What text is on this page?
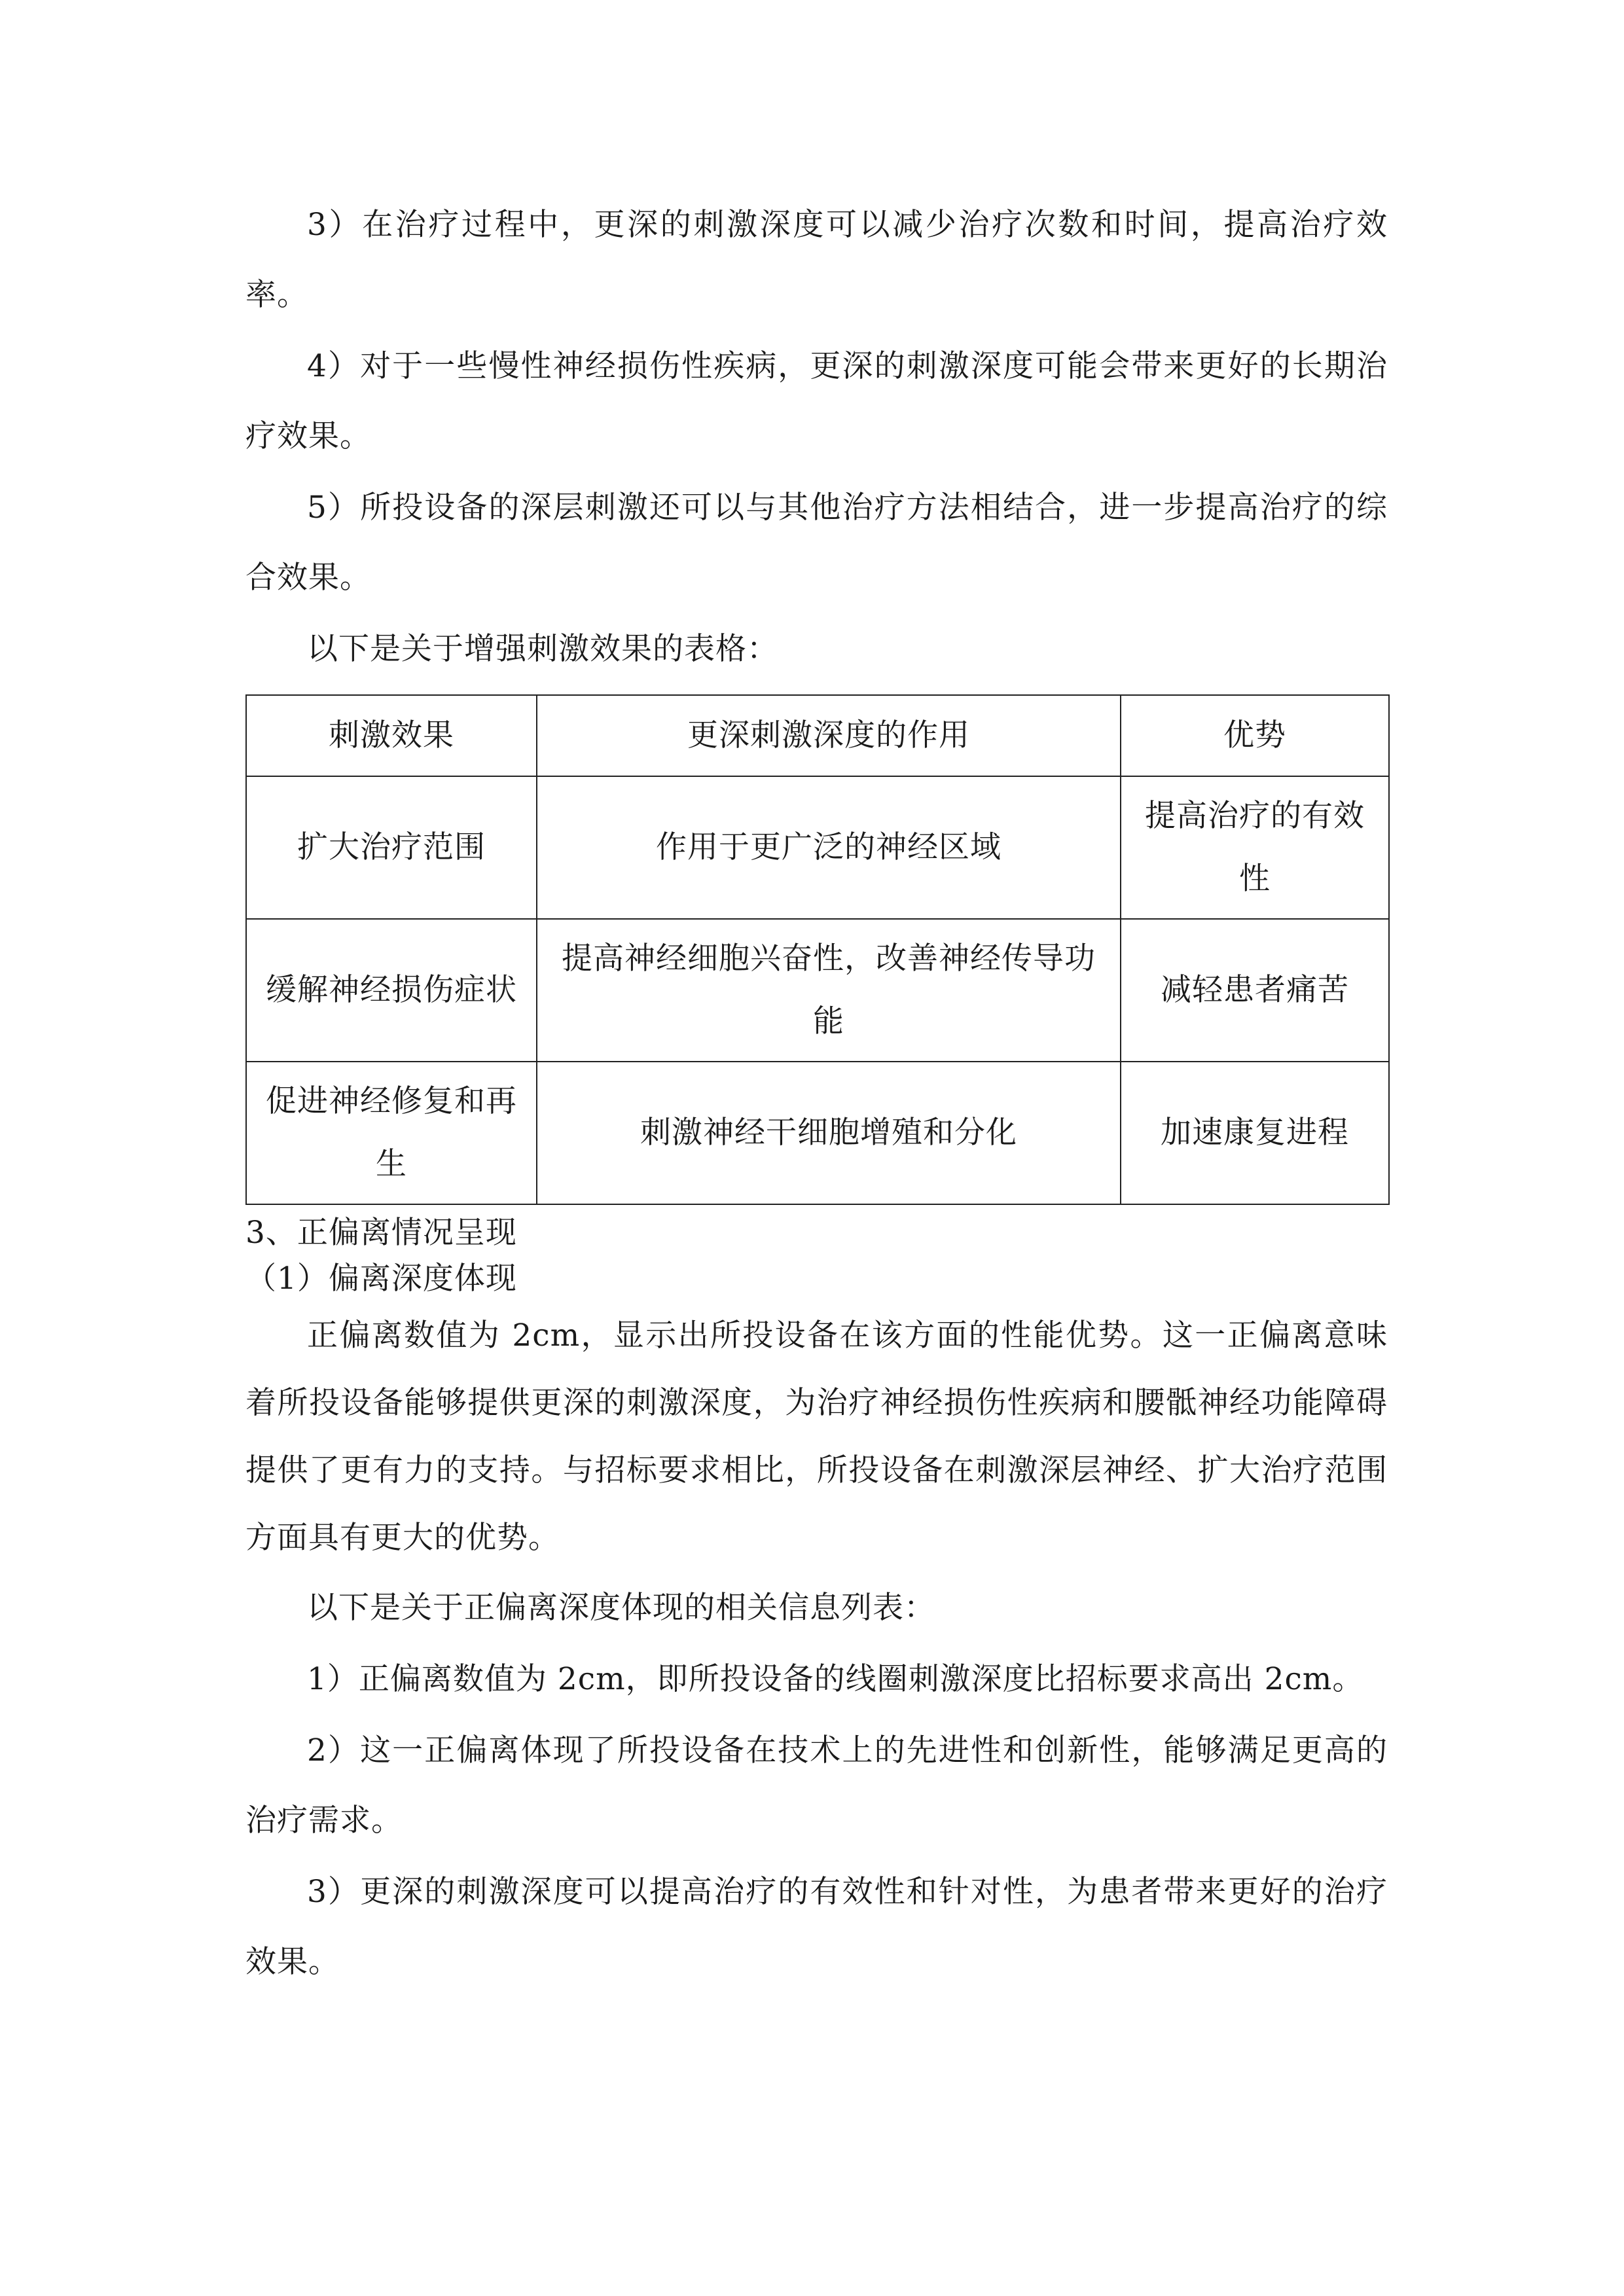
3）在治疗过程中，更深的刺激深度可以减少治疗次数和时间，提高治疗效率。

4）对于一些慢性神经损伤性疾病，更深的刺激深度可能会带来更好的长期治疗效果。

5）所投设备的深层刺激还可以与其他治疗方法相结合，进一步提高治疗的综合效果。

以下是关于增强刺激效果的表格：

刺激效果	更深刺激深度的作用	优势
扩大治疗范围	作用于更广泛的神经区域	提高治疗的有效性
缓解神经损伤症状	提高神经细胞兴奋性，改善神经传导功能	减轻患者痛苦
促进神经修复和再生	刺激神经干细胞增殖和分化	加速康复进程

3、正偏离情况呈现

（1）偏离深度体现

正偏离数值为 2cm，显示出所投设备在该方面的性能优势。这一正偏离意味着所投设备能够提供更深的刺激深度，为治疗神经损伤性疾病和腰骶神经功能障碍提供了更有力的支持。与招标要求相比，所投设备在刺激深层神经、扩大治疗范围方面具有更大的优势。

以下是关于正偏离深度体现的相关信息列表：

1）正偏离数值为 2cm，即所投设备的线圈刺激深度比招标要求高出 2cm。

2）这一正偏离体现了所投设备在技术上的先进性和创新性，能够满足更高的治疗需求。

3）更深的刺激深度可以提高治疗的有效性和针对性，为患者带来更好的治疗效果。
